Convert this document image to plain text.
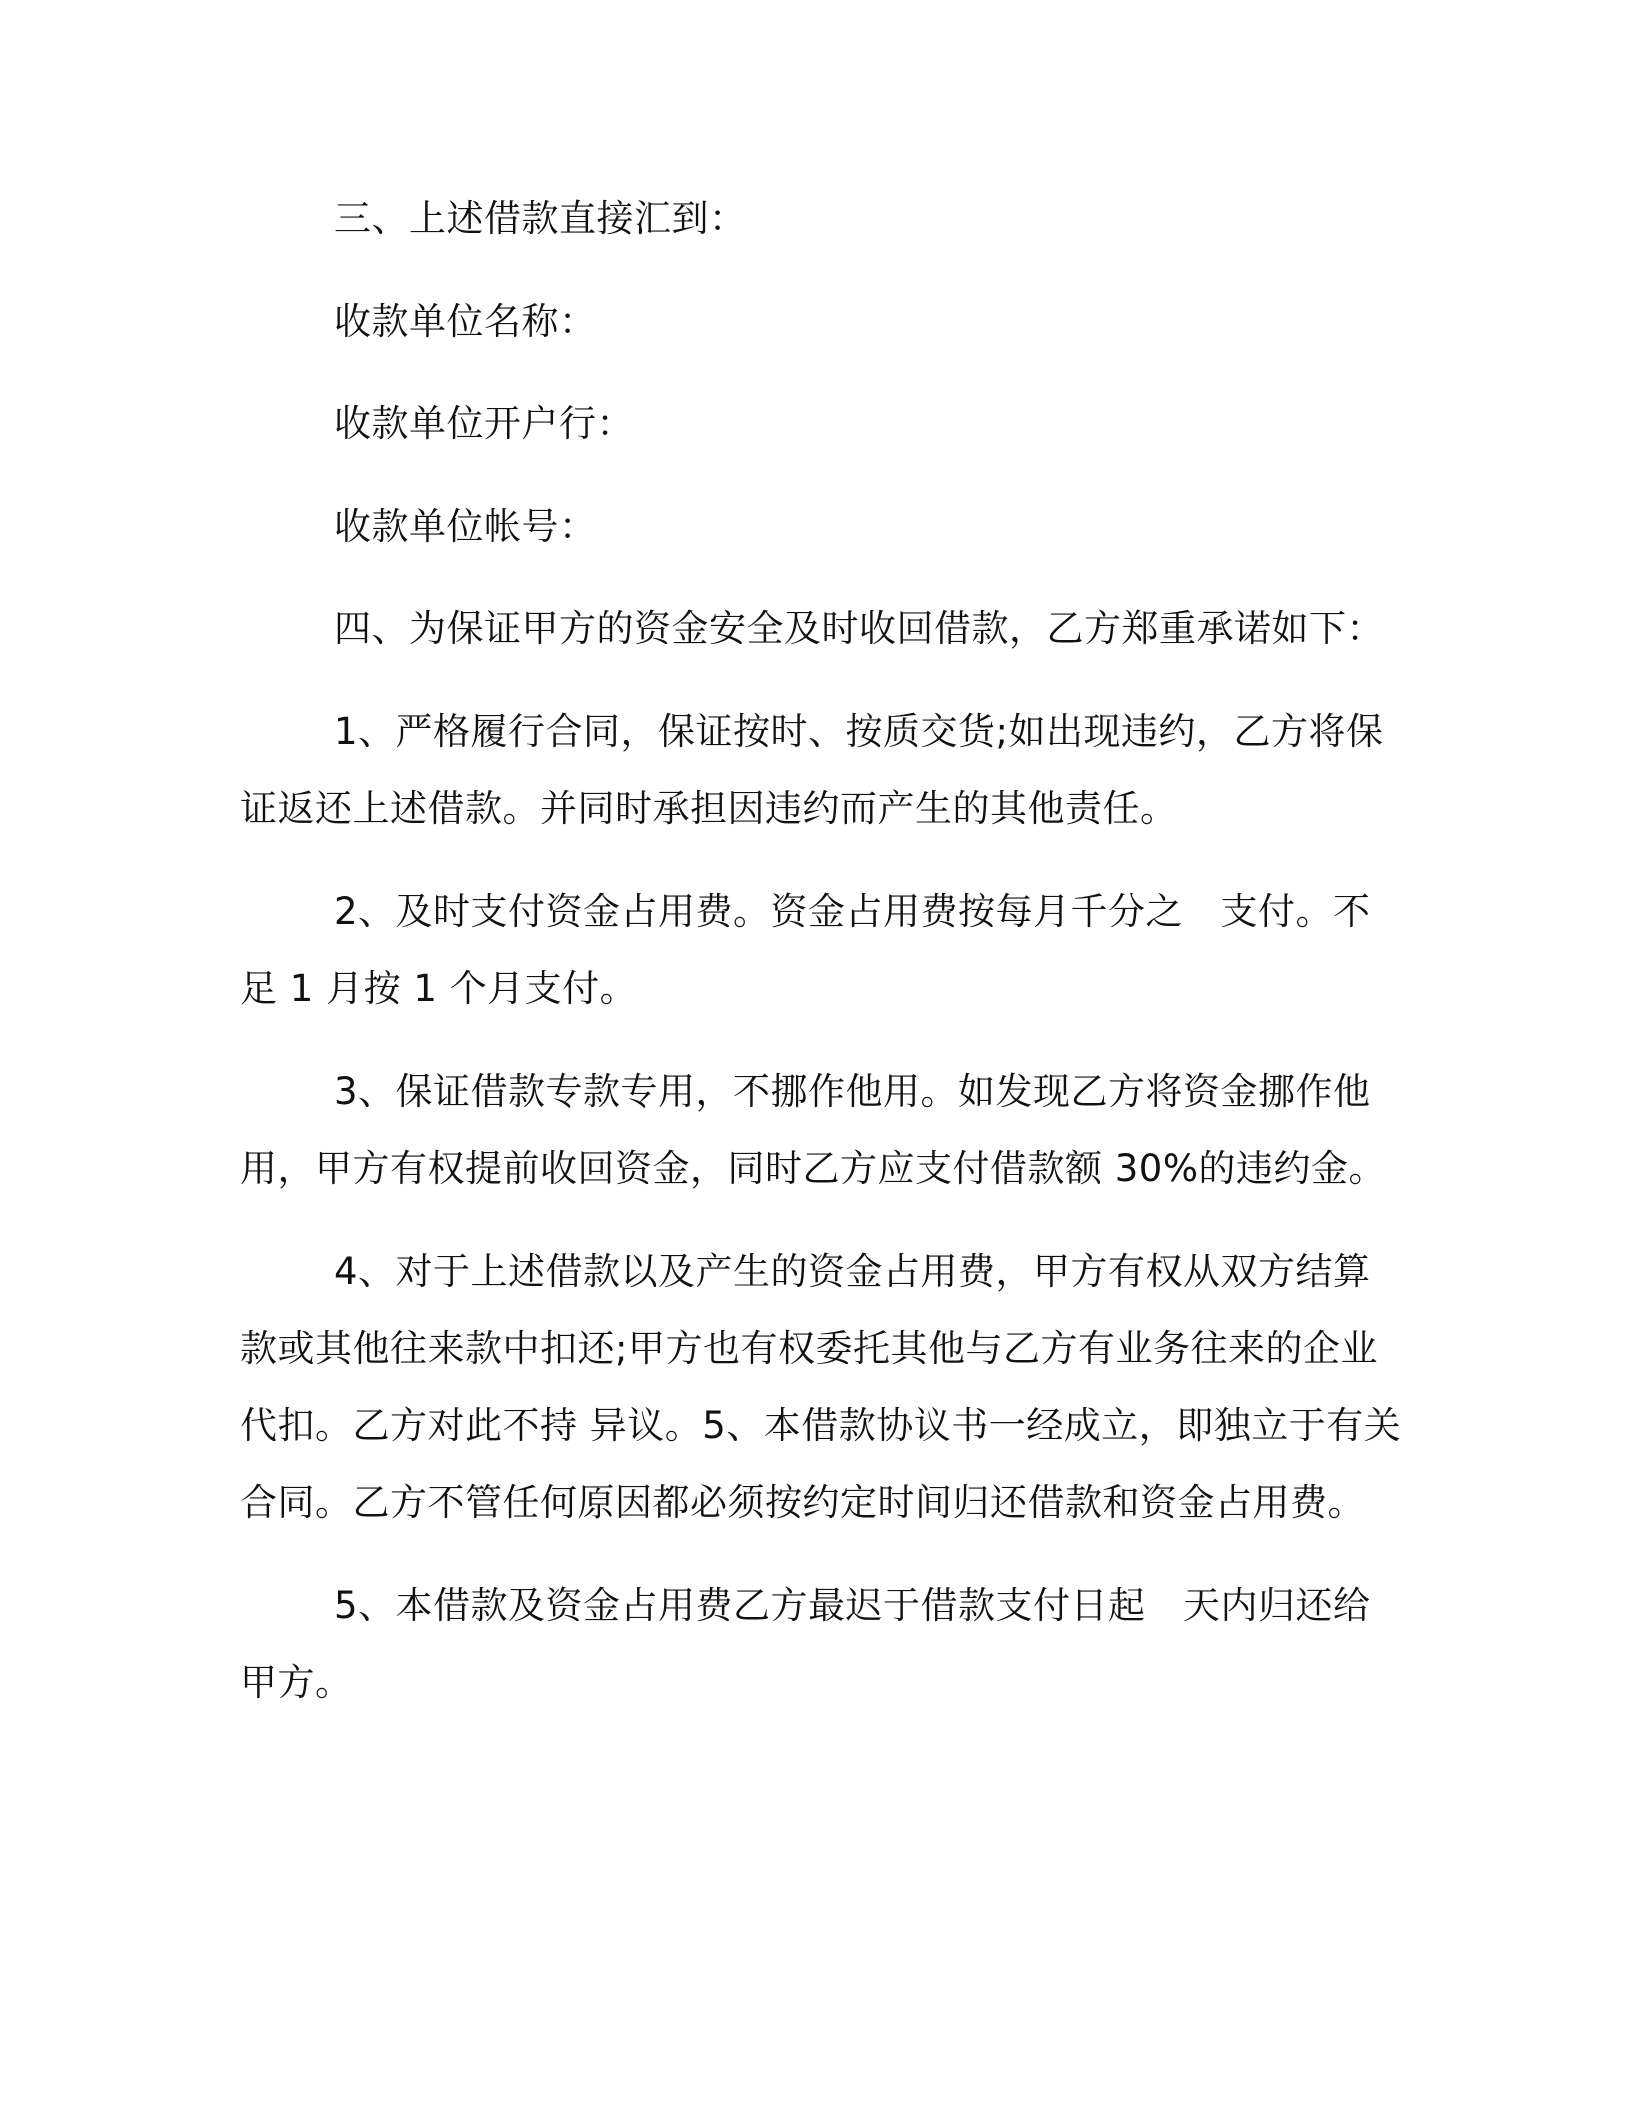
三、上述借款直接汇到：
收款单位名称：
收款单位开户行：
收款单位帐号：
四、为保证甲方的资金安全及时收回借款，乙方郑重承诺如下：
1、严格履行合同，保证按时、按质交货;如出现违约，乙方将保
证返还上述借款。并同时承担因违约而产生的其他责任。
2、及时支付资金占用费。资金占用费按每月千分之　支付。不
足 1 月按 1 个月支付。
3、保证借款专款专用，不挪作他用。如发现乙方将资金挪作他
用，甲方有权提前收回资金，同时乙方应支付借款额 30%的违约金。
4、对于上述借款以及产生的资金占用费，甲方有权从双方结算
款或其他往来款中扣还;甲方也有权委托其他与乙方有业务往来的企业
代扣。乙方对此不持 异议。5、本借款协议书一经成立，即独立于有关
合同。乙方不管任何原因都必须按约定时间归还借款和资金占用费。
5、本借款及资金占用费乙方最迟于借款支付日起　天内归还给
甲方。
